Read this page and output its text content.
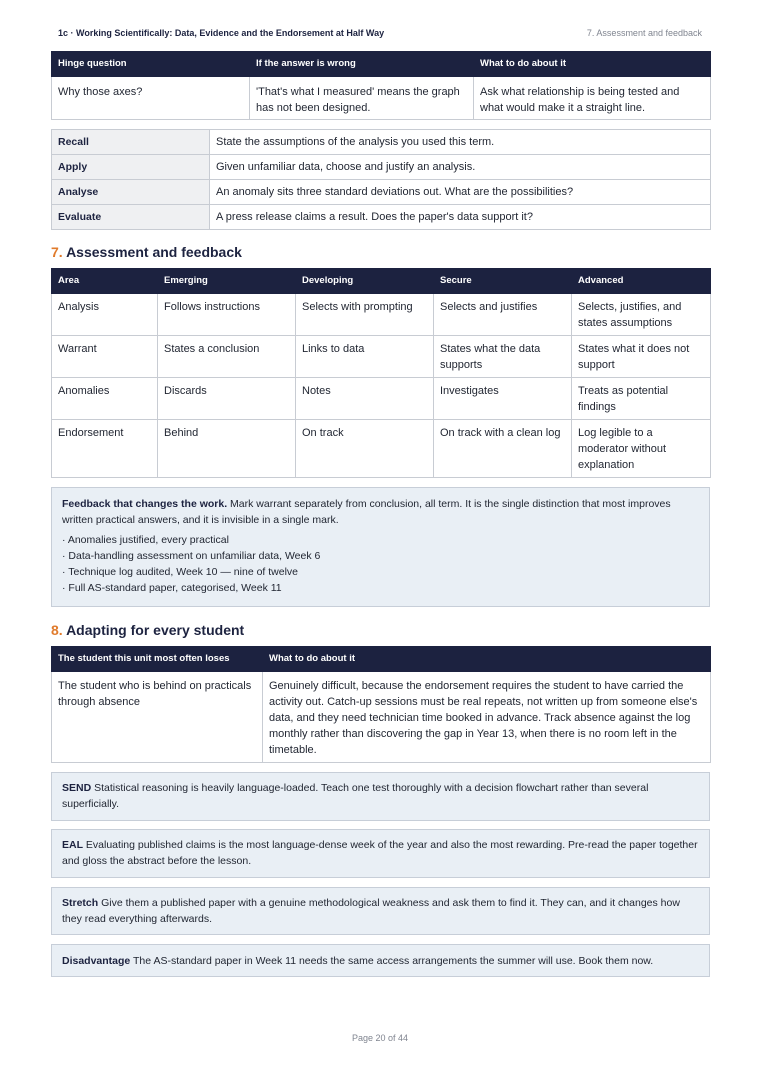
1c · Working Scientifically: Data, Evidence and the Endorsement at Half Way	7. Assessment and feedback
Hinge question	If the answer is wrong	What to do about it
Why those axes?	'That's what I measured' means the graph has not been designed.	Ask what relationship is being tested and what would make it a straight line.
Recall	State the assumptions of the analysis you used this term.
Apply	Given unfamiliar data, choose and justify an analysis.
Analyse	An anomaly sits three standard deviations out. What are the possibilities?
Evaluate	A press release claims a result. Does the paper's data support it?
7. Assessment and feedback
Area	Emerging	Developing	Secure	Advanced
Analysis	Follows instructions	Selects with prompting	Selects and justifies	Selects, justifies, and states assumptions
Warrant	States a conclusion	Links to data	States what the data supports	States what it does not support
Anomalies	Discards	Notes	Investigates	Treats as potential findings
Endorsement	Behind	On track	On track with a clean log	Log legible to a moderator without explanation
Feedback that changes the work. Mark warrant separately from conclusion, all term. It is the single distinction that most improves written practical answers, and it is invisible in a single mark.
· Anomalies justified, every practical
· Data-handling assessment on unfamiliar data, Week 6
· Technique log audited, Week 10 — nine of twelve
· Full AS-standard paper, categorised, Week 11
8. Adapting for every student
The student this unit most often loses	What to do about it
The student who is behind on practicals through absence	Genuinely difficult, because the endorsement requires the student to have carried the activity out. Catch-up sessions must be real repeats, not written up from someone else's data, and they need technician time booked in advance. Track absence against the log monthly rather than discovering the gap in Year 13, when there is no room left in the timetable.
SEND Statistical reasoning is heavily language-loaded. Teach one test thoroughly with a decision flowchart rather than several superficially.
EAL Evaluating published claims is the most language-dense week of the year and also the most rewarding. Pre-read the paper together and gloss the abstract before the lesson.
Stretch Give them a published paper with a genuine methodological weakness and ask them to find it. They can, and it changes how they read everything afterwards.
Disadvantage The AS-standard paper in Week 11 needs the same access arrangements the summer will use. Book them now.
Page 20 of 44
